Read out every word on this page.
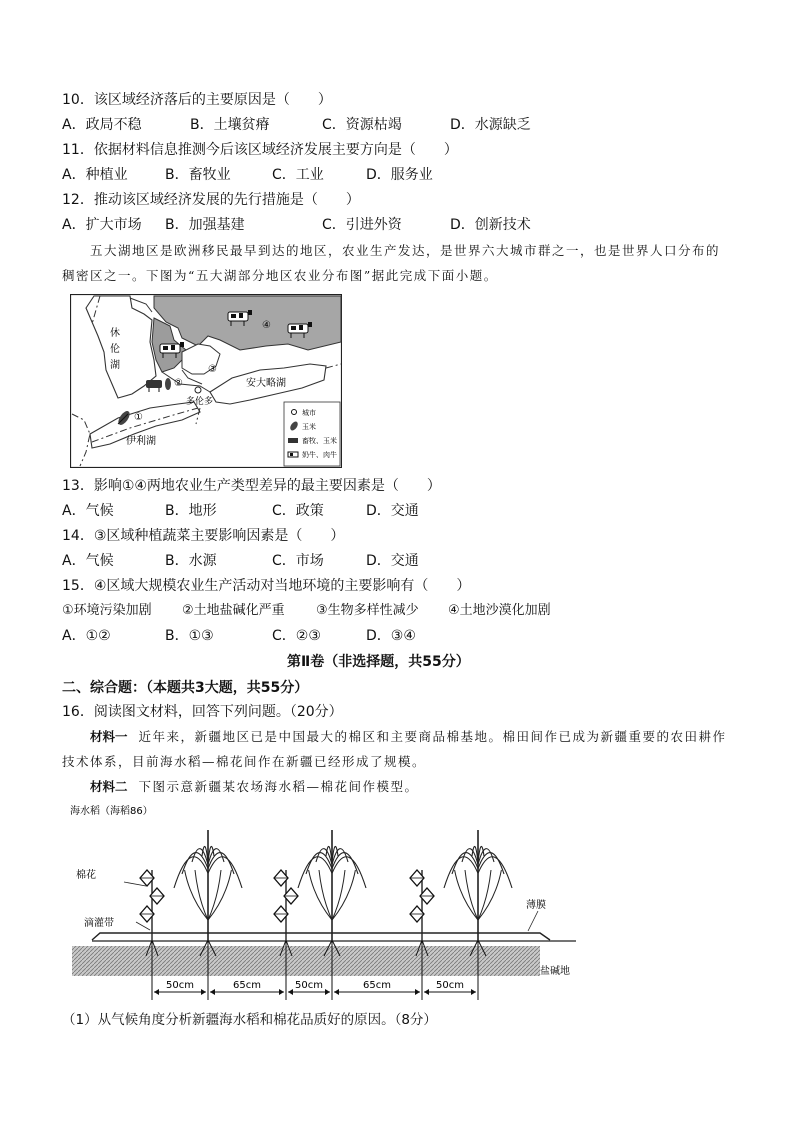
10．该区域经济落后的主要原因是（　　）
A．政局不稳	B．土壤贫瘠	C．资源枯竭	D．水源缺乏
11．依据材料信息推测今后该区域经济发展主要方向是（　　）
A．种植业	B．畜牧业	C．工业	D．服务业
12．推动该区域经济发展的先行措施是（　　）
A．扩大市场 B．加强基建	C．引进外资	D．创新技术
五大湖地区是欧洲移民最早到达的地区，农业生产发达，是世界六大城市群之一，也是世界人口分布的稠密区之一。下图为“五大湖部分地区农业分布图”据此完成下面小题。
休
伦
湖
安大略湖
伊利湖
多伦多
①
②
③
④
城市
玉米
畜牧、玉米
奶牛、肉牛
13．影响①④两地农业生产类型差异的最主要因素是（　　）
A．气候	B．地形	C．政策	D．交通
14．③区域种植蔬菜主要影响因素是（　　）
A．气候	B．水源	C．市场	D．交通
15．④区域大规模农业生产活动对当地环境的主要影响有（　　）
①环境污染加剧 ②土地盐碱化严重 ③生物多样性减少 ④土地沙漠化加剧
A．①②	B．①③	C．②③	D．③④
第Ⅱ卷（非选择题，共55分）
二、综合题：（本题共3大题，共55分）
16．阅读图文材料，回答下列问题。（20分）
材料一 近年来，新疆地区已是中国最大的棉区和主要商品棉基地。棉田间作已成为新疆重要的农田耕作技术体系，目前海水稻—棉花间作在新疆已经形成了规模。
材料二 下图示意新疆某农场海水稻—棉花间作模型。
50cm	65cm	50cm	65cm	50cm
海水稻（海稻86）
棉花
滴灌带
薄膜
盐碱地
（1）从气候角度分析新疆海水稻和棉花品质好的原因。（8分）
